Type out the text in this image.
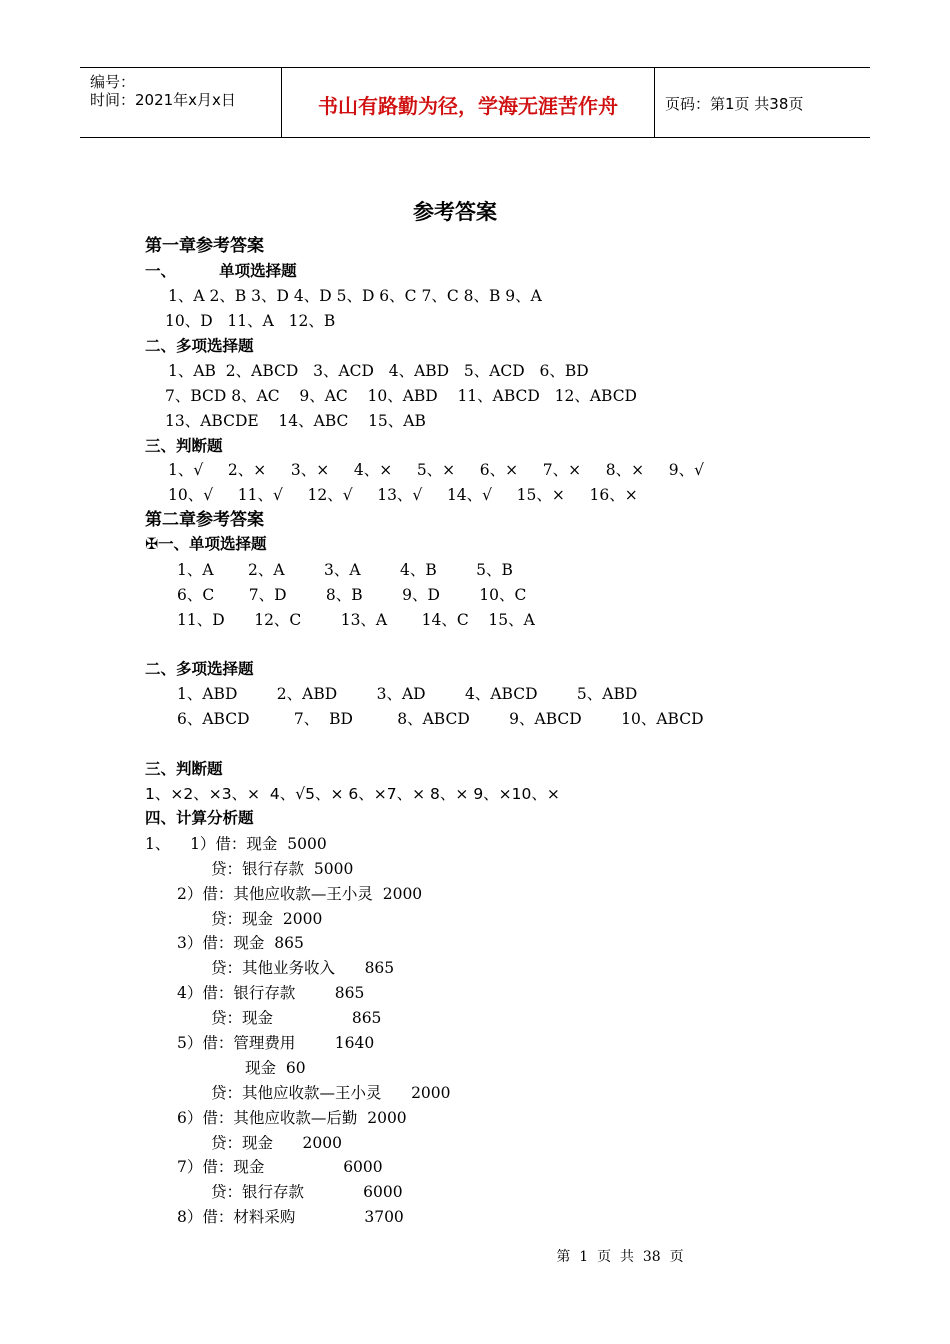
编号：
时间：2021年x月x日	书山有路勤为径，学海无涯苦作舟	页码：第1页 共38页
参考答案
第一章参考答案
一、        单项选择题
1、A 2、B 3、D 4、D 5、D 6、C 7、C 8、B 9、A
10、D   11、A   12、B
二、多项选择题
1、AB  2、ABCD   3、ACD   4、ABD   5、ACD   6、BD
7、BCD 8、AC    9、AC    10、ABD    11、ABCD   12、ABCD
13、ABCDE    14、ABC    15、AB
三、判断题
1、√     2、×     3、×     4、×     5、×     6、×     7、×     8、×     9、√
10、√     11、√     12、√     13、√     14、√     15、×     16、×
第二章参考答案
✠一、单项选择题
1、A       2、A        3、A        4、B        5、B
6、C       7、D        8、B        9、D        10、C
11、D      12、C        13、A       14、C    15、A
二、多项选择题
1、ABD        2、ABD        3、AD        4、ABCD        5、ABD
6、ABCD         7、  BD         8、ABCD        9、ABCD        10、ABCD
三、判断题
1、×2、×3、×  4、√5、× 6、×7、× 8、× 9、×10、×
四、计算分析题
1、    1）借：现金  5000
贷：银行存款  5000
2）借：其他应收款—王小灵  2000
贷：现金  2000
3）借：现金  865
贷：其他业务收入      865
4）借：银行存款        865
贷：现金                865
5）借：管理费用        1640
现金  60
贷：其他应收款—王小灵      2000
6）借：其他应收款—后勤  2000
贷：现金      2000
7）借：现金                6000
贷：银行存款            6000
8）借：材料采购              3700
第  1  页  共  38  页
